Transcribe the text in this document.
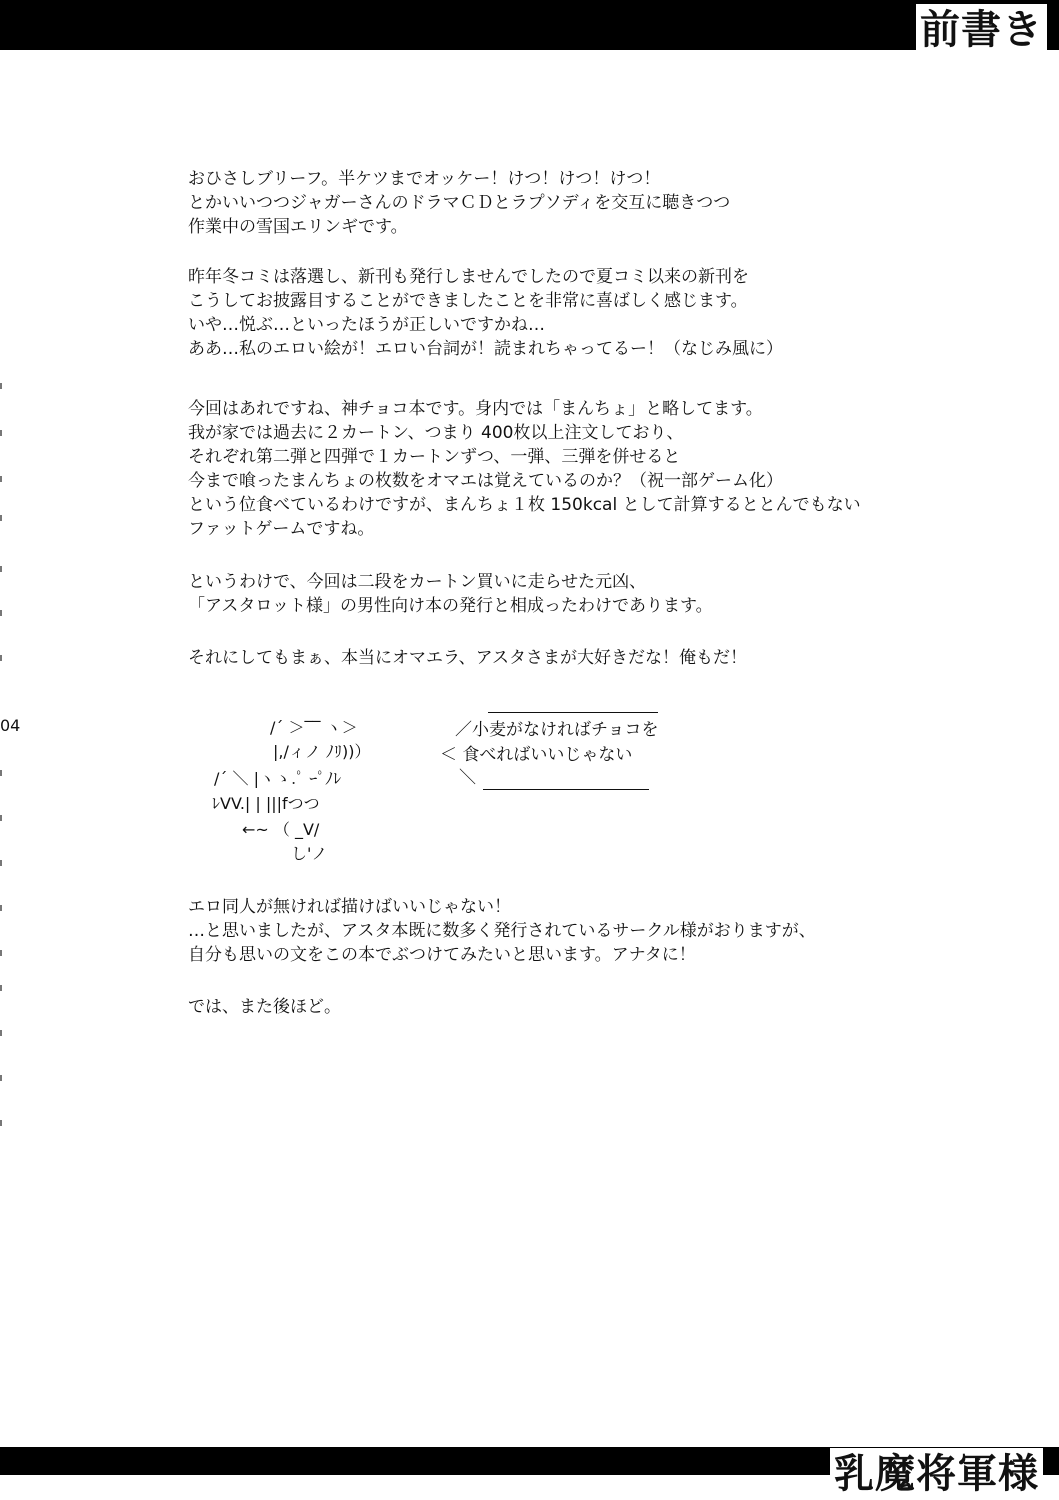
前書き
04
おひさしブリーフ。半ケツまでオッケー！けつ！けつ！けつ！
とかいいつつジャガーさんのドラマＣＤとラプソディを交互に聴きつつ
作業中の雪国エリンギです。
昨年冬コミは落選し、新刊も発行しませんでしたので夏コミ以来の新刊を
こうしてお披露目することができましたことを非常に喜ばしく感じます。
いや…悦ぶ…といったほうが正しいですかね…
ああ…私のエロい絵が！エロい台詞が！読まれちゃってるー！（なじみ風に）
今回はあれですね、神チョコ本です。身内では「まんちょ」と略してます。
我が家では過去に２カートン、つまり 400枚以上注文しており、
それぞれ第二弾と四弾で１カートンずつ、一弾、三弾を併せると
今まで喰ったまんちょの枚数をオマエは覚えているのか？（祝一部ゲーム化）
という位食べているわけですが、まんちょ１枚 150kcal として計算するととんでもない
ファットゲームですね。
というわけで、今回は二段をカートン買いに走らせた元凶、
「アスタロット様」の男性向け本の発行と相成ったわけであります。
それにしてもまぁ、本当にオマエラ、アスタさまが大好きだな！俺もだ！
/´ ＞‾‾ ヽ＞
|,/ィノ ﾉﾘ))）
/´ ＼ |ヽゝ.ﾟ ｰﾟﾉﾚ
ﾚVV.| | |||fつつ
←~ （ _V/
し'ノ
／小麦がなければチョコを
＜ 食べればいいじゃない
＼
エロ同人が無ければ描けばいいじゃない！
…と思いましたが、アスタ本既に数多く発行されているサークル様がおりますが、
自分も思いの文をこの本でぶつけてみたいと思います。アナタに！
では、また後ほど。
乳魔将軍様
